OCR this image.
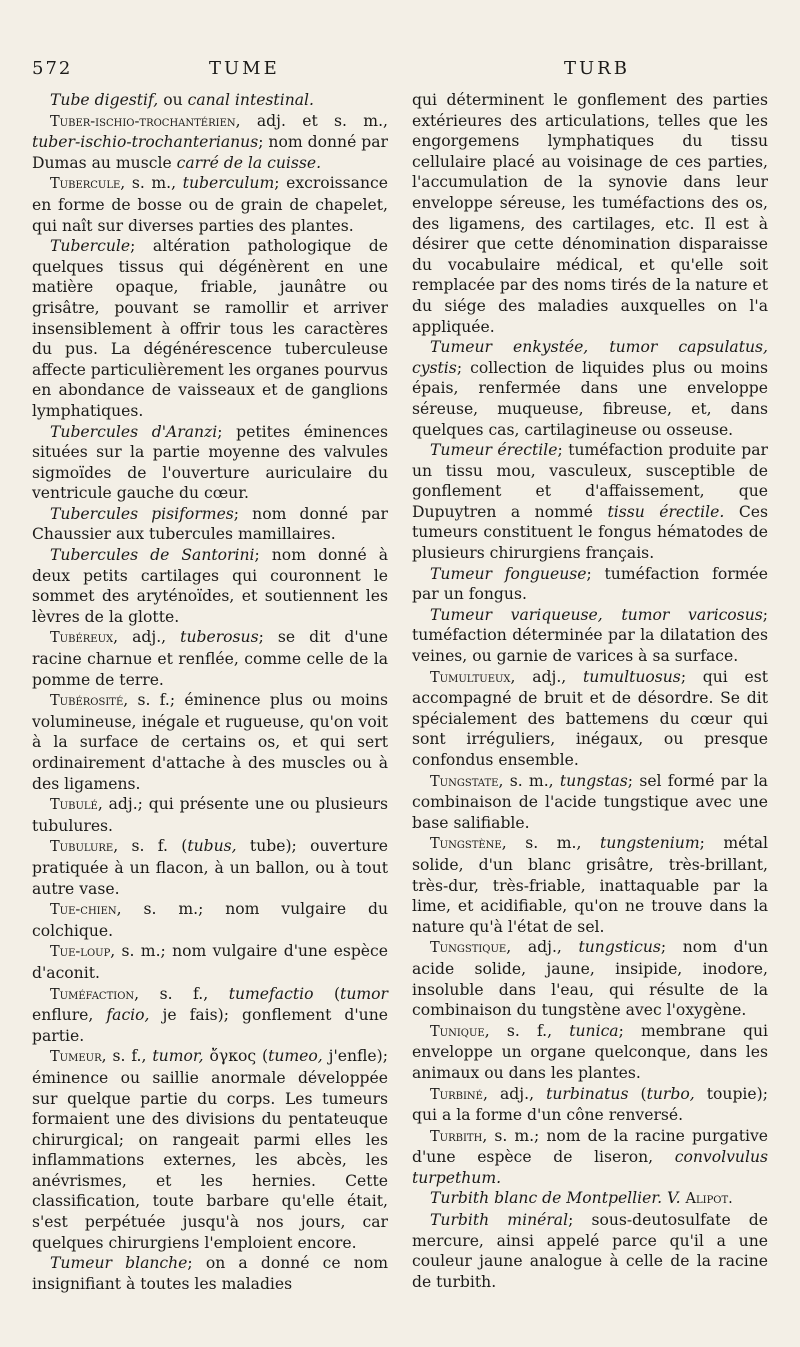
572	TUME	TURB

Tube digestif, ou canal intestinal.

Tuber-ischio-trochantérien, adj. et s. m., tuber-ischio-trochanterianus; nom donné par Dumas au muscle carré de la cuisse.

Tubercule, s. m., tuberculum; excroissance en forme de bosse ou de grain de chapelet, qui naît sur diverses parties des plantes.

Tubercule; altération pathologique de quelques tissus qui dégénèrent en une matière opaque, friable, jaunâtre ou grisâtre, pouvant se ramollir et arriver insensiblement à offrir tous les caractères du pus. La dégénérescence tuberculeuse affecte particulièrement les organes pourvus en abondance de vaisseaux et de ganglions lymphatiques.

Tubercules d'Aranzi; petites éminences situées sur la partie moyenne des valvules sigmoïdes de l'ouverture auriculaire du ventricule gauche du cœur.

Tubercules pisiformes; nom donné par Chaussier aux tubercules mamillaires.

Tubercules de Santorini; nom donné à deux petits cartilages qui couronnent le sommet des aryténoïdes, et soutiennent les lèvres de la glotte.

Tubéreux, adj., tuberosus; se dit d'une racine charnue et renflée, comme celle de la pomme de terre.

Tubérosité, s. f.; éminence plus ou moins volumineuse, inégale et rugueuse, qu'on voit à la surface de certains os, et qui sert ordinairement d'attache à des muscles ou à des ligamens.

Tubulé, adj.; qui présente une ou plusieurs tubulures.

Tubulure, s. f. (tubus, tube); ouverture pratiquée à un flacon, à un ballon, ou à tout autre vase.

Tue-chien, s. m.; nom vulgaire du colchique.

Tue-loup, s. m.; nom vulgaire d'une espèce d'aconit.

Tuméfaction, s. f., tumefactio (tumor enflure, facio, je fais); gonflement d'une partie.

Tumeur, s. f., tumor, ὄγκος (tumeo, j'enfle); éminence ou saillie anormale développée sur quelque partie du corps. Les tumeurs formaient une des divisions du pentateuque chirurgical; on rangeait parmi elles les inflammations externes, les abcès, les anévrismes, et les hernies. Cette classification, toute barbare qu'elle était, s'est perpétuée jusqu'à nos jours, car quelques chirurgiens l'emploient encore.

Tumeur blanche; on a donné ce nom insignifiant à toutes les maladies

qui déterminent le gonflement des parties extérieures des articulations, telles que les engorgemens lymphatiques du tissu cellulaire placé au voisinage de ces parties, l'accumulation de la synovie dans leur enveloppe séreuse, les tuméfactions des os, des ligamens, des cartilages, etc. Il est à désirer que cette dénomination disparaisse du vocabulaire médical, et qu'elle soit remplacée par des noms tirés de la nature et du siége des maladies auxquelles on l'a appliquée.

Tumeur enkystée, tumor capsulatus, cystis; collection de liquides plus ou moins épais, renfermée dans une enveloppe séreuse, muqueuse, fibreuse, et, dans quelques cas, cartilagineuse ou osseuse.

Tumeur érectile; tuméfaction produite par un tissu mou, vasculeux, susceptible de gonflement et d'affaissement, que Dupuytren a nommé tissu érectile. Ces tumeurs constituent le fongus hématodes de plusieurs chirurgiens français.

Tumeur fongueuse; tuméfaction formée par un fongus.

Tumeur variqueuse, tumor varicosus; tuméfaction déterminée par la dilatation des veines, ou garnie de varices à sa surface.

Tumultueux, adj., tumultuosus; qui est accompagné de bruit et de désordre. Se dit spécialement des battemens du cœur qui sont irréguliers, inégaux, ou presque confondus ensemble.

Tungstate, s. m., tungstas; sel formé par la combinaison de l'acide tungstique avec une base salifiable.

Tungstène, s. m., tungstenium; métal solide, d'un blanc grisâtre, très-brillant, très-dur, très-friable, inattaquable par la lime, et acidifiable, qu'on ne trouve dans la nature qu'à l'état de sel.

Tungstique, adj., tungsticus; nom d'un acide solide, jaune, insipide, inodore, insoluble dans l'eau, qui résulte de la combinaison du tungstène avec l'oxygène.

Tunique, s. f., tunica; membrane qui enveloppe un organe quelconque, dans les animaux ou dans les plantes.

Turbiné, adj., turbinatus (turbo, toupie); qui a la forme d'un cône renversé.

Turbith, s. m.; nom de la racine purgative d'une espèce de liseron, convolvulus turpethum.

Turbith blanc de Montpellier. V. Alipot.

Turbith minéral; sous-deutosulfate de mercure, ainsi appelé parce qu'il a une couleur jaune analogue à celle de la racine de turbith.
